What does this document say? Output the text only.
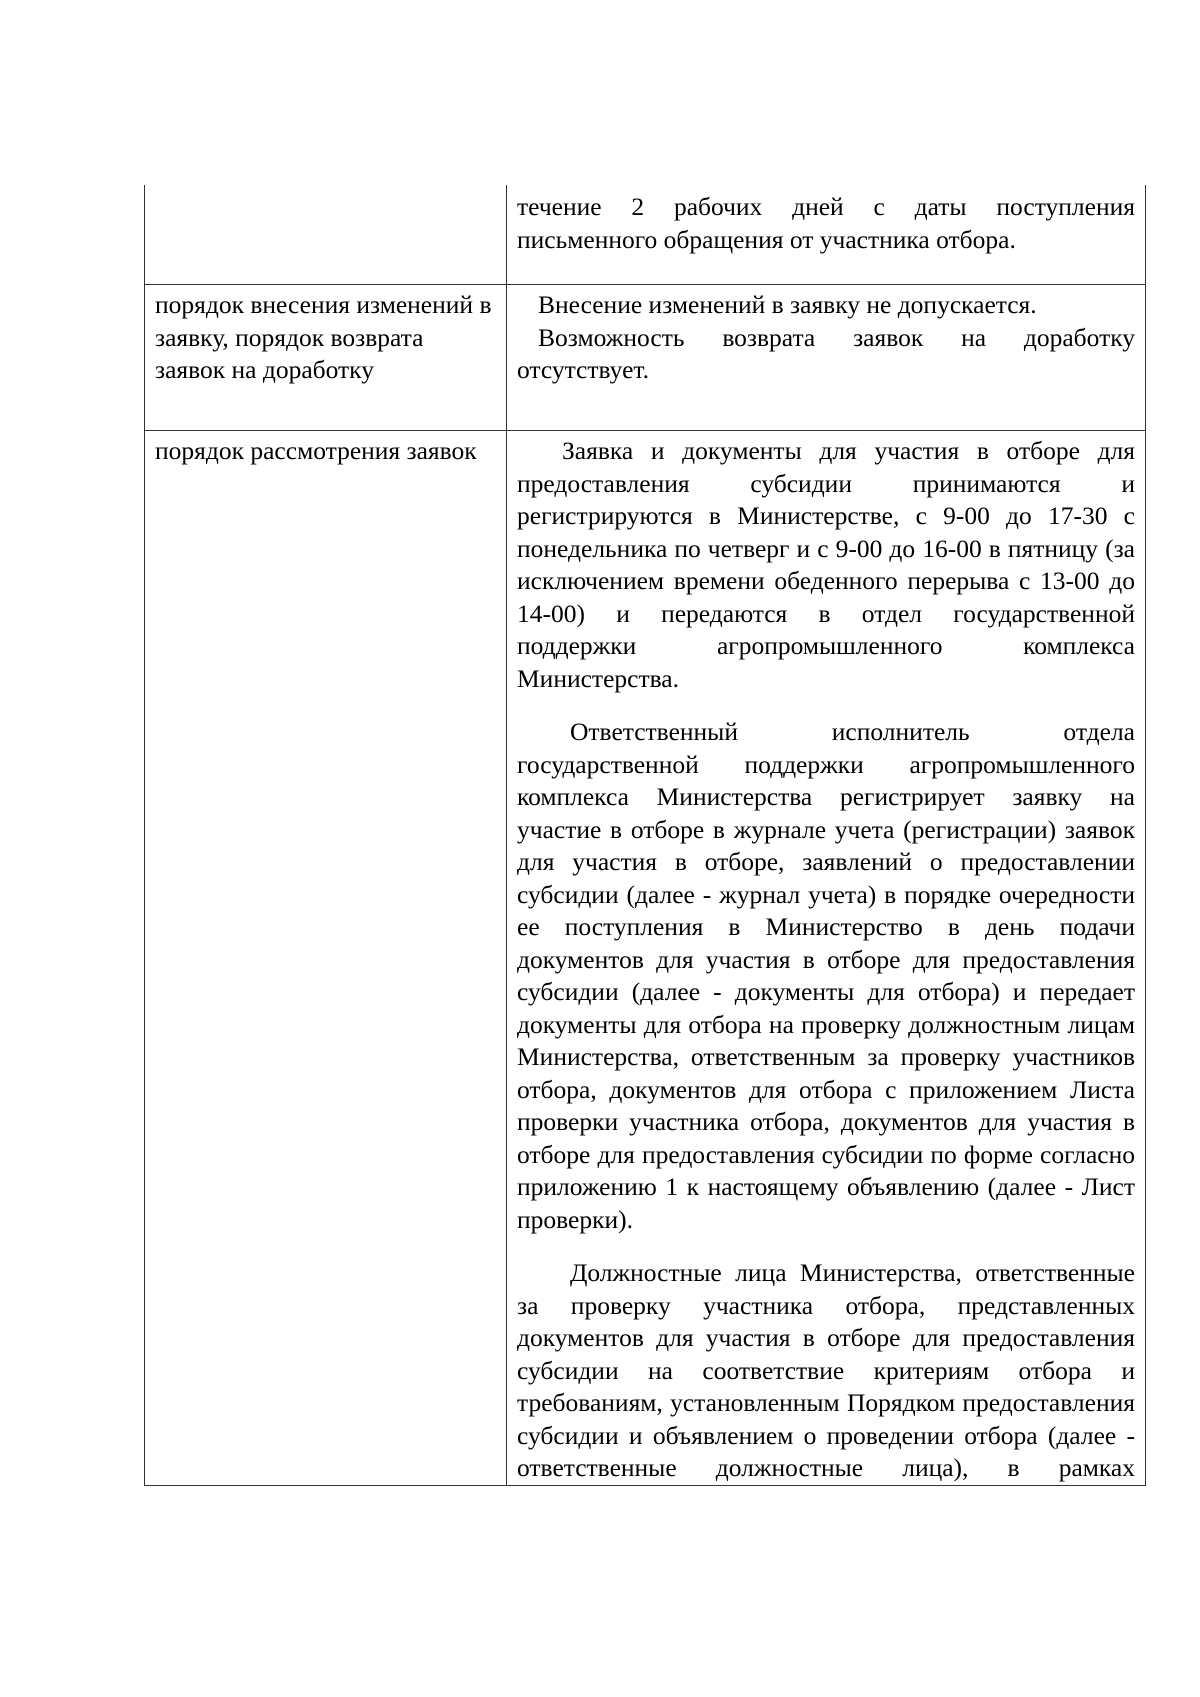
	течение 2 рабочих дней с даты поступления письменного обращения от участника отбора.

порядок внесения изменений в заявку, порядок возврата заявок на доработку	Внесение изменений в заявку не допускается.

Возможность возврата заявок на доработку отсутствует.

порядок рассмотрения заявок	Заявка и документы для участия в отборе для предоставления субсидии принимаются и регистрируются в Министерстве, с 9-00 до 17-30 с понедельника по четверг и с 9-00 до 16-00 в пятницу (за исключением времени обеденного перерыва с 13-00 до 14-00) и передаются в отдел государственной поддержки агропромышленного комплекса Министерства.

Ответственный исполнитель отдела государственной поддержки агропромышленного комплекса Министерства регистрирует заявку на участие в отборе в журнале учета (регистрации) заявок для участия в отборе, заявлений о предоставлении субсидии (далее - журнал учета) в порядке очередности ее поступления в Министерство в день подачи документов для участия в отборе для предоставления субсидии (далее - документы для отбора) и передает документы для отбора на проверку должностным лицам Министерства, ответственным за проверку участников отбора, документов для отбора с приложением Листа проверки участника отбора, документов для участия в отборе для предоставления субсидии по форме согласно приложению 1 к настоящему объявлению (далее - Лист проверки).

Должностные лица Министерства, ответственные за проверку участника отбора, представленных документов для участия в отборе для предоставления субсидии на соответствие критериям отбора и требованиям, установленным Порядком предоставления субсидии и объявлением о проведении отбора (далее - ответственные должностные лица), в рамках
